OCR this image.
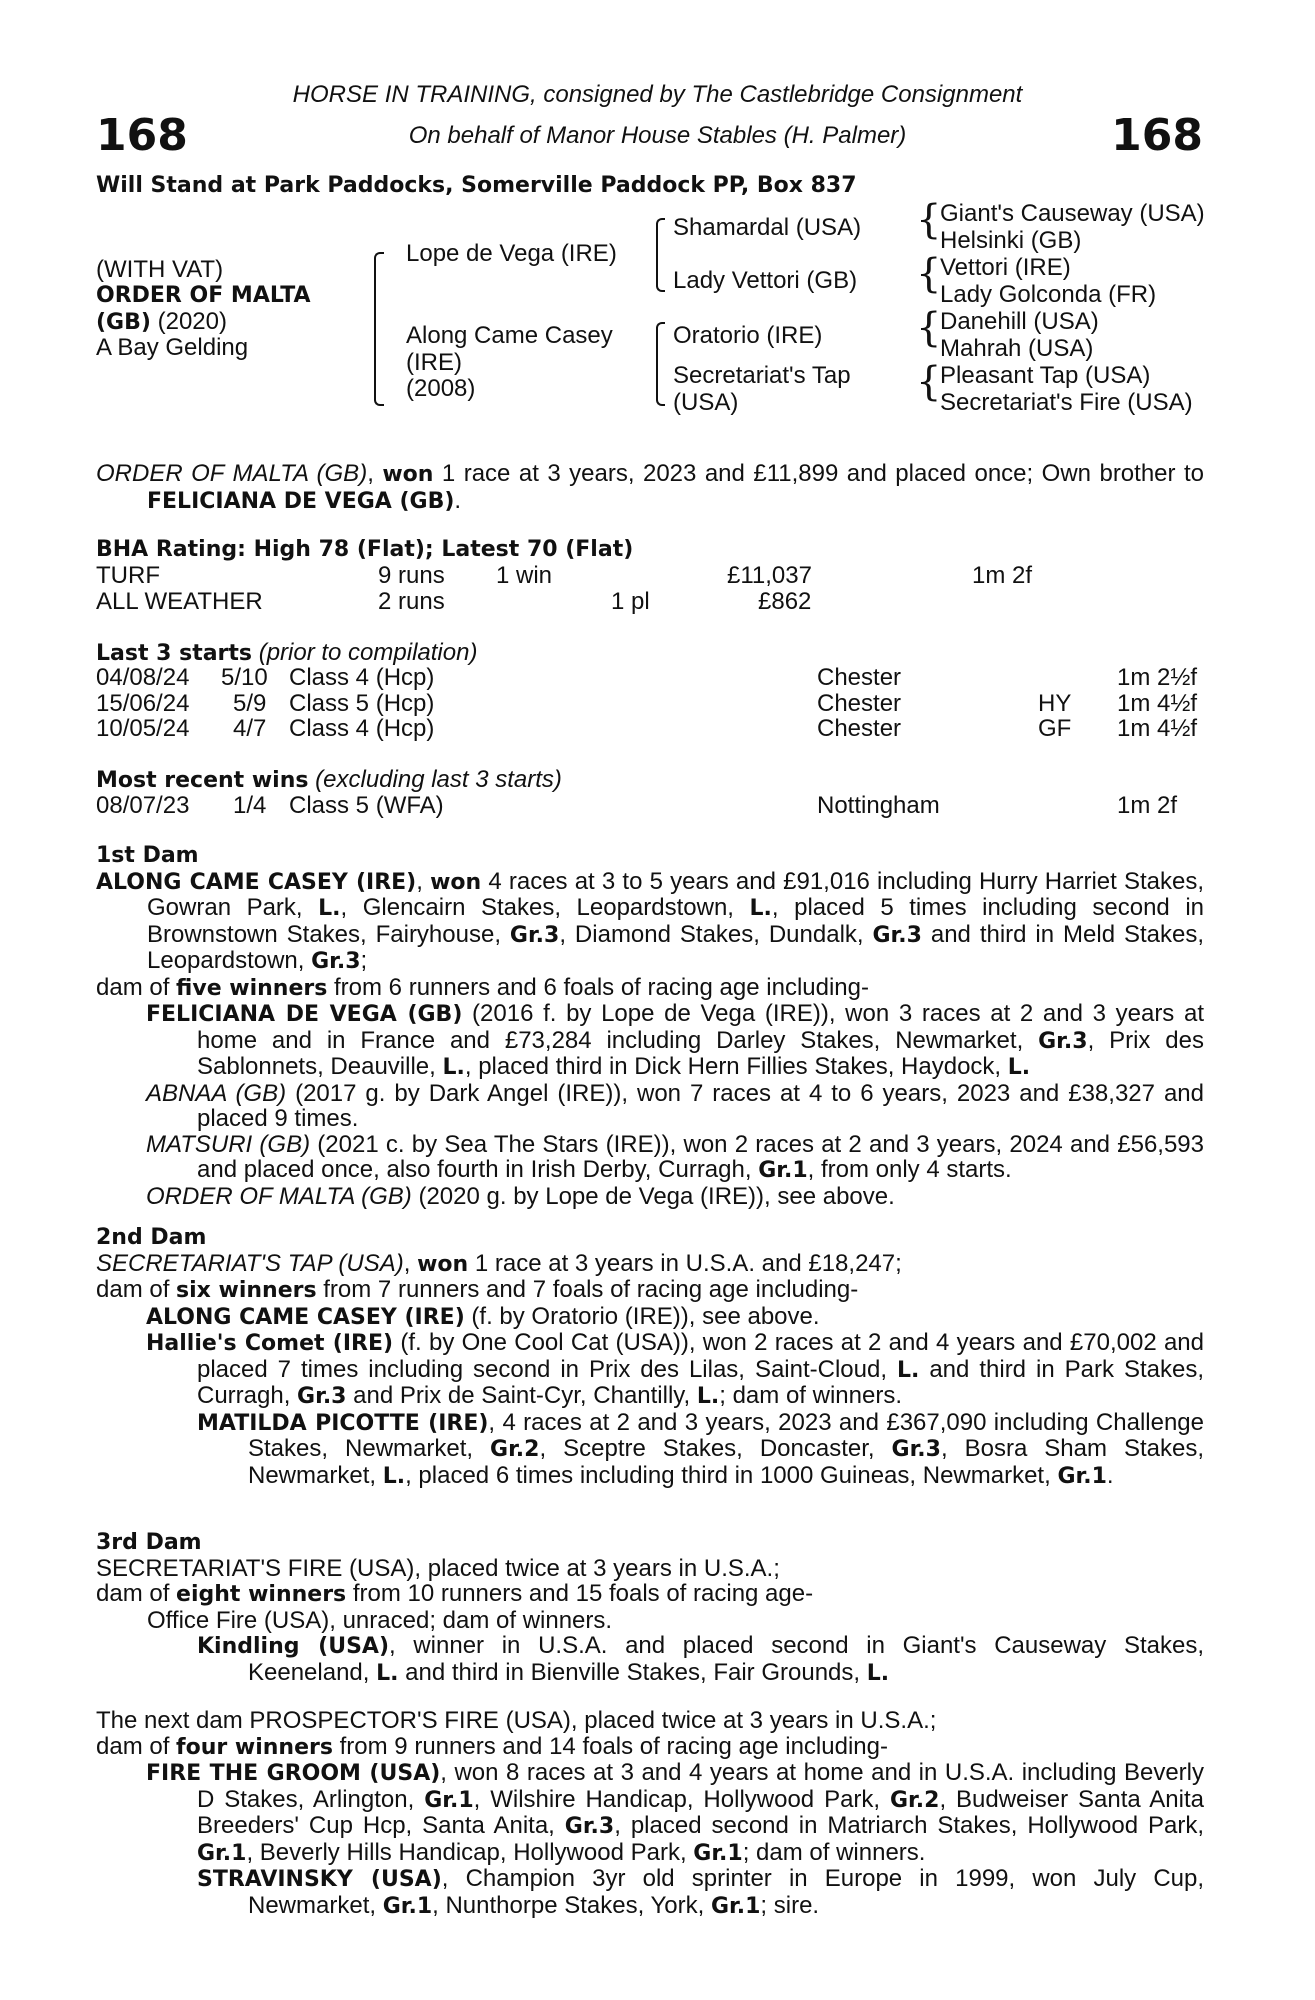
168	168
HORSE IN TRAINING, consigned by The Castlebridge Consignment
On behalf of Manor House Stables (H. Palmer)
Will Stand at Park Paddocks, Somerville Paddock PP, Box 837
(WITH VAT)
ORDER OF MALTA
(GB) (2020)
A Bay Gelding
Lope de Vega (IRE)
Along Came Casey
(IRE)
(2008)
Shamardal (USA)
Lady Vettori (GB)
Oratorio (IRE)
Secretariat's Tap
(USA)
{
{
{
{
Giant's Causeway (USA)
Helsinki (GB)
Vettori (IRE)
Lady Golconda (FR)
Danehill (USA)
Mahrah (USA)
Pleasant Tap (USA)
Secretariat's Fire (USA)

ORDER OF MALTA (GB), won 1 race at 3 years, 2023 and £11,899 and placed once; Own brother to FELICIANA DE VEGA (GB).

BHA Rating: High 78 (Flat); Latest 70 (Flat)
TURF	9 runs 1 win	£11,037	1m 2f
ALL WEATHER	2 runs	1 pl	£862
Last 3 starts (prior to compilation)
04/08/24 5/10 Class 4 (Hcp)	Chester	1m 2½f
15/06/24 5/9 Class 5 (Hcp)	Chester	HY 1m 4½f
10/05/24 4/7 Class 4 (Hcp)	Chester	GF 1m 4½f
Most recent wins (excluding last 3 starts)
08/07/23 1/4 Class 5 (WFA)	Nottingham	1m 2f

1st Dam

ALONG CAME CASEY (IRE), won 4 races at 3 to 5 years and £91,016 including Hurry Harriet Stakes, Gowran Park, L., Glencairn Stakes, Leopardstown, L., placed 5 times including second in Brownstown Stakes, Fairyhouse, Gr.3, Diamond Stakes, Dundalk, Gr.3 and third in Meld Stakes, Leopardstown, Gr.3;

dam of five winners from 6 runners and 6 foals of racing age including-

FELICIANA DE VEGA (GB) (2016 f. by Lope de Vega (IRE)), won 3 races at 2 and 3 years at home and in France and £73,284 including Darley Stakes, Newmarket, Gr.3, Prix des Sablonnets, Deauville, L., placed third in Dick Hern Fillies Stakes, Haydock, L.

ABNAA (GB) (2017 g. by Dark Angel (IRE)), won 7 races at 4 to 6 years, 2023 and £38,327 and placed 9 times.

MATSURI (GB) (2021 c. by Sea The Stars (IRE)), won 2 races at 2 and 3 years, 2024 and £56,593 and placed once, also fourth in Irish Derby, Curragh, Gr.1, from only 4 starts.

ORDER OF MALTA (GB) (2020 g. by Lope de Vega (IRE)), see above.

2nd Dam

SECRETARIAT'S TAP (USA), won 1 race at 3 years in U.S.A. and £18,247;

dam of six winners from 7 runners and 7 foals of racing age including-

ALONG CAME CASEY (IRE) (f. by Oratorio (IRE)), see above.

Hallie's Comet (IRE) (f. by One Cool Cat (USA)), won 2 races at 2 and 4 years and £70,002 and placed 7 times including second in Prix des Lilas, Saint-Cloud, L. and third in Park Stakes, Curragh, Gr.3 and Prix de Saint-Cyr, Chantilly, L.; dam of winners.

MATILDA PICOTTE (IRE), 4 races at 2 and 3 years, 2023 and £367,090 including Challenge Stakes, Newmarket, Gr.2, Sceptre Stakes, Doncaster, Gr.3, Bosra Sham Stakes, Newmarket, L., placed 6 times including third in 1000 Guineas, Newmarket, Gr.1.

3rd Dam

SECRETARIAT'S FIRE (USA), placed twice at 3 years in U.S.A.;

dam of eight winners from 10 runners and 15 foals of racing age-

Office Fire (USA), unraced; dam of winners.

Kindling (USA), winner in U.S.A. and placed second in Giant's Causeway Stakes, Keeneland, L. and third in Bienville Stakes, Fair Grounds, L.

The next dam PROSPECTOR'S FIRE (USA), placed twice at 3 years in U.S.A.;

dam of four winners from 9 runners and 14 foals of racing age including-

FIRE THE GROOM (USA), won 8 races at 3 and 4 years at home and in U.S.A. including Beverly D Stakes, Arlington, Gr.1, Wilshire Handicap, Hollywood Park, Gr.2, Budweiser Santa Anita Breeders' Cup Hcp, Santa Anita, Gr.3, placed second in Matriarch Stakes, Hollywood Park, Gr.1, Beverly Hills Handicap, Hollywood Park, Gr.1; dam of winners.

STRAVINSKY (USA), Champion 3yr old sprinter in Europe in 1999, won July Cup, Newmarket, Gr.1, Nunthorpe Stakes, York, Gr.1; sire.
